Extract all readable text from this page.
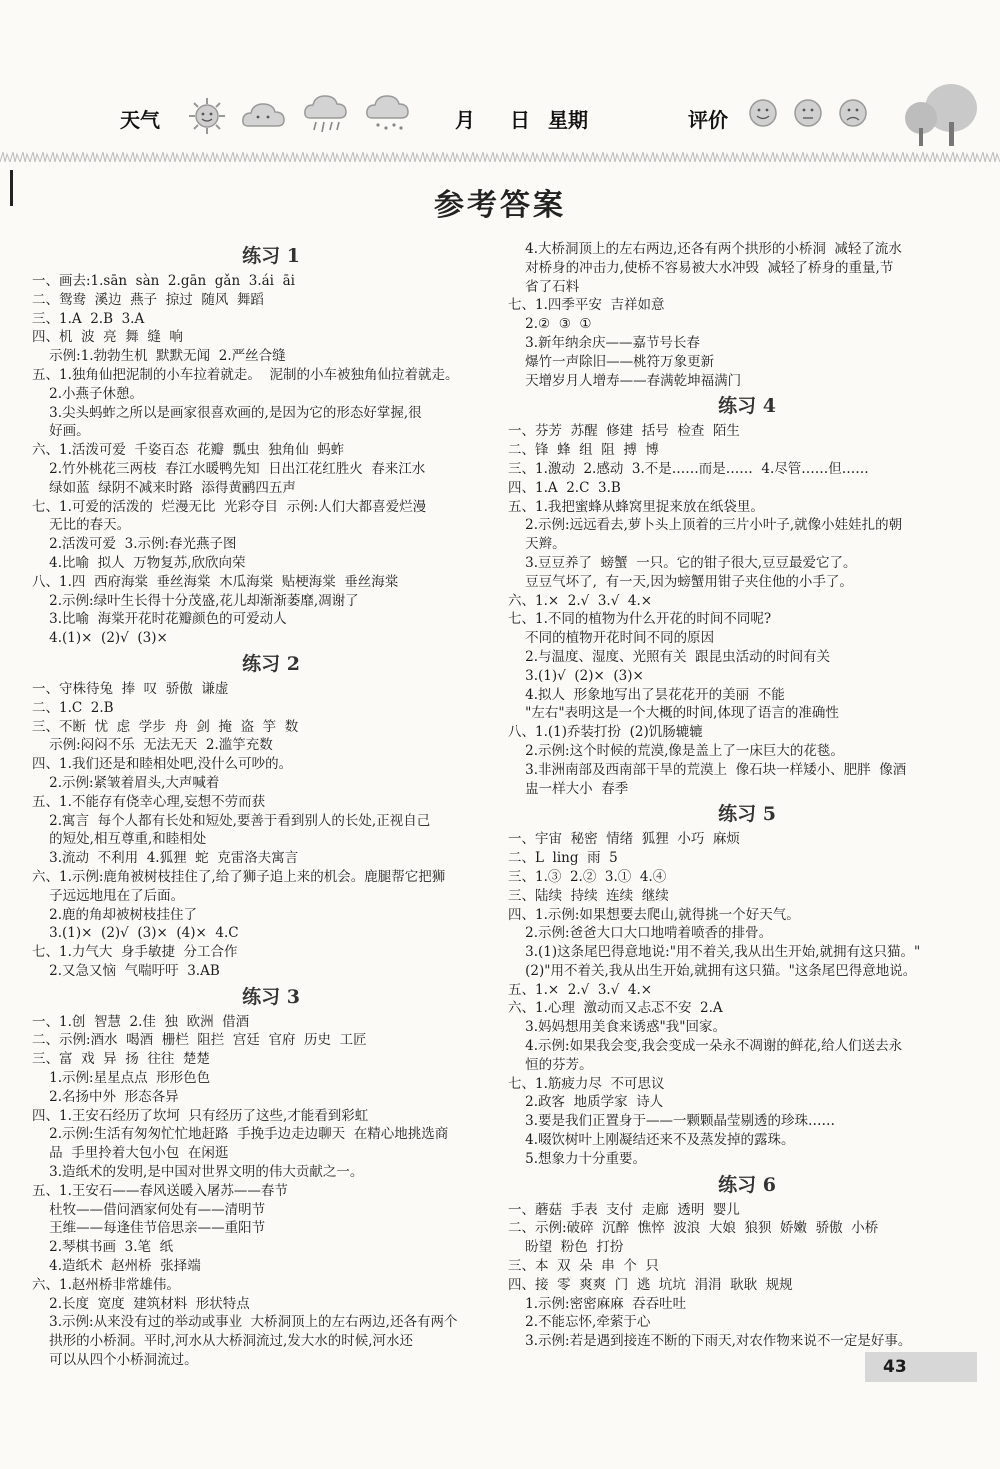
天气	月 日 星期	评价
参考答案
练习 1
一、画去:1.sān  sàn  2.gān  gǎn  3.ái  āi
二、鸳鸯  溪边  燕子  掠过  随风  舞蹈
三、1.A  2.B  3.A
四、机  波  亮  舞  缝  响
示例:1.勃勃生机  默默无闻  2.严丝合缝
五、1.独角仙把泥制的小车拉着就走。  泥制的小车被独角仙拉着就走。
2.小燕子休憩。
3.尖头蚂蚱之所以是画家很喜欢画的,是因为它的形态好掌握,很
好画。
六、1.活泼可爱  千姿百态  花瓣  瓢虫  独角仙  蚂蚱
2.竹外桃花三两枝  春江水暖鸭先知  日出江花红胜火  春来江水
绿如蓝  绿阴不减来时路  添得黄鹂四五声
七、1.可爱的活泼的  烂漫无比  光彩夺目  示例:人们大都喜爱烂漫
无比的春天。
2.活泼可爱  3.示例:春光燕子图
4.比喻  拟人  万物复苏,欣欣向荣
八、1.四  西府海棠  垂丝海棠  木瓜海棠  贴梗海棠  垂丝海棠
2.示例:绿叶生长得十分茂盛,花儿却渐渐萎靡,凋谢了
3.比喻  海棠开花时花瓣颜色的可爱动人
4.(1)×  (2)√  (3)×
练习 2
一、守株待兔  捧  叹  骄傲  谦虚
二、1.C  2.B
三、不断  忧  虑  学步  舟  剑  掩  盗  竽  数
示例:闷闷不乐  无法无天  2.滥竽充数
四、1.我们还是和睦相处吧,没什么可吵的。
2.示例:紧皱着眉头,大声喊着
五、1.不能存有侥幸心理,妄想不劳而获
2.寓言  每个人都有长处和短处,要善于看到别人的长处,正视自己
的短处,相互尊重,和睦相处
3.流动  不利用  4.狐狸  蛇  克雷洛夫寓言
六、1.示例:鹿角被树枝挂住了,给了狮子追上来的机会。鹿腿帮它把狮
子远远地甩在了后面。
2.鹿的角却被树枝挂住了
3.(1)×  (2)√  (3)×  (4)×  4.C
七、1.力气大  身手敏捷  分工合作
2.又急又恼  气喘吁吁  3.AB
练习 3
一、1.创  智慧  2.佳  独  欧洲  借酒
二、示例:酒水  喝酒  栅栏  阻拦  宫廷  官府  历史  工匠
三、富  戏  异  扬  往往  楚楚
1.示例:星星点点  形形色色
2.名扬中外  形态各异
四、1.王安石经历了坎坷  只有经历了这些,才能看到彩虹
2.示例:生活有匆匆忙忙地赶路  手挽手边走边聊天  在精心地挑选商
品  手里拎着大包小包  在闲逛
3.造纸术的发明,是中国对世界文明的伟大贡献之一。
五、1.王安石——春风送暖入屠苏——春节
杜牧——借问酒家何处有——清明节
王维——每逢佳节倍思亲——重阳节
2.琴棋书画  3.笔  纸
4.造纸术  赵州桥  张择端
六、1.赵州桥非常雄伟。
2.长度  宽度  建筑材料  形状特点
3.示例:从来没有过的举动或事业  大桥洞顶上的左右两边,还各有两个
拱形的小桥洞。平时,河水从大桥洞流过,发大水的时候,河水还
可以从四个小桥洞流过。
4.大桥洞顶上的左右两边,还各有两个拱形的小桥洞  减轻了流水
对桥身的冲击力,使桥不容易被大水冲毁  减轻了桥身的重量,节
省了石料
七、1.四季平安  吉祥如意
2.②  ③  ①
3.新年纳余庆——嘉节号长春
爆竹一声除旧——桃符万象更新
天增岁月人增寿——春满乾坤福满门
练习 4
一、芬芳  苏醒  修建  括号  检查  陌生
二、锋  蜂  组  阻  搏  博
三、1.激动  2.感动  3.不是……而是……  4.尽管……但……
四、1.A  2.C  3.B
五、1.我把蜜蜂从蜂窝里捉来放在纸袋里。
2.示例:远远看去,萝卜头上顶着的三片小叶子,就像小娃娃扎的朝
天辫。
3.豆豆养了  螃蟹  一只。它的钳子很大,豆豆最爱它了。
豆豆气坏了,  有一天,因为螃蟹用钳子夹住他的小手了。
六、1.×  2.√  3.√  4.×
七、1.不同的植物为什么开花的时间不同呢?
不同的植物开花时间不同的原因
2.与温度、湿度、光照有关  跟昆虫活动的时间有关
3.(1)√  (2)×  (3)×
4.拟人  形象地写出了昙花花开的美丽  不能
"左右"表明这是一个大概的时间,体现了语言的准确性
八、1.(1)乔装打扮  (2)饥肠辘辘
2.示例:这个时候的荒漠,像是盖上了一床巨大的花毯。
3.非洲南部及西南部干旱的荒漠上  像石块一样矮小、肥胖  像酒
盅一样大小  春季
练习 5
一、宇宙  秘密  情绪  狐狸  小巧  麻烦
二、L  ling  雨  5
三、1.③  2.②  3.①  4.④
三、陆续  持续  连续  继续
四、1.示例:如果想要去爬山,就得挑一个好天气。
2.示例:爸爸大口大口地啃着喷香的排骨。
3.(1)这条尾巴得意地说:"用不着关,我从出生开始,就拥有这只猫。"
(2)"用不着关,我从出生开始,就拥有这只猫。"这条尾巴得意地说。
五、1.×  2.√  3.√  4.×
六、1.心理  激动而又忐忑不安  2.A
3.妈妈想用美食来诱惑"我"回家。
4.示例:如果我会变,我会变成一朵永不凋谢的鲜花,给人们送去永
恒的芬芳。
七、1.筋疲力尽  不可思议
2.政客  地质学家  诗人
3.要是我们正置身于——一颗颗晶莹剔透的珍珠……
4.啜饮树叶上刚凝结还来不及蒸发掉的露珠。
5.想象力十分重要。
练习 6
一、蘑菇  手表  支付  走廊  透明  婴儿
二、示例:破碎  沉醉  憔悴  波浪  大娘  狼狈  娇嫩  骄傲  小桥
盼望  粉色  打扮
三、本  双  朵  串  个  只
四、接  零  爽爽  门  逃  坑坑  涓涓  耿耿  规规
1.示例:密密麻麻  吞吞吐吐
2.不能忘怀,牵萦于心
3.示例:若是遇到接连不断的下雨天,对农作物来说不一定是好事。
43
